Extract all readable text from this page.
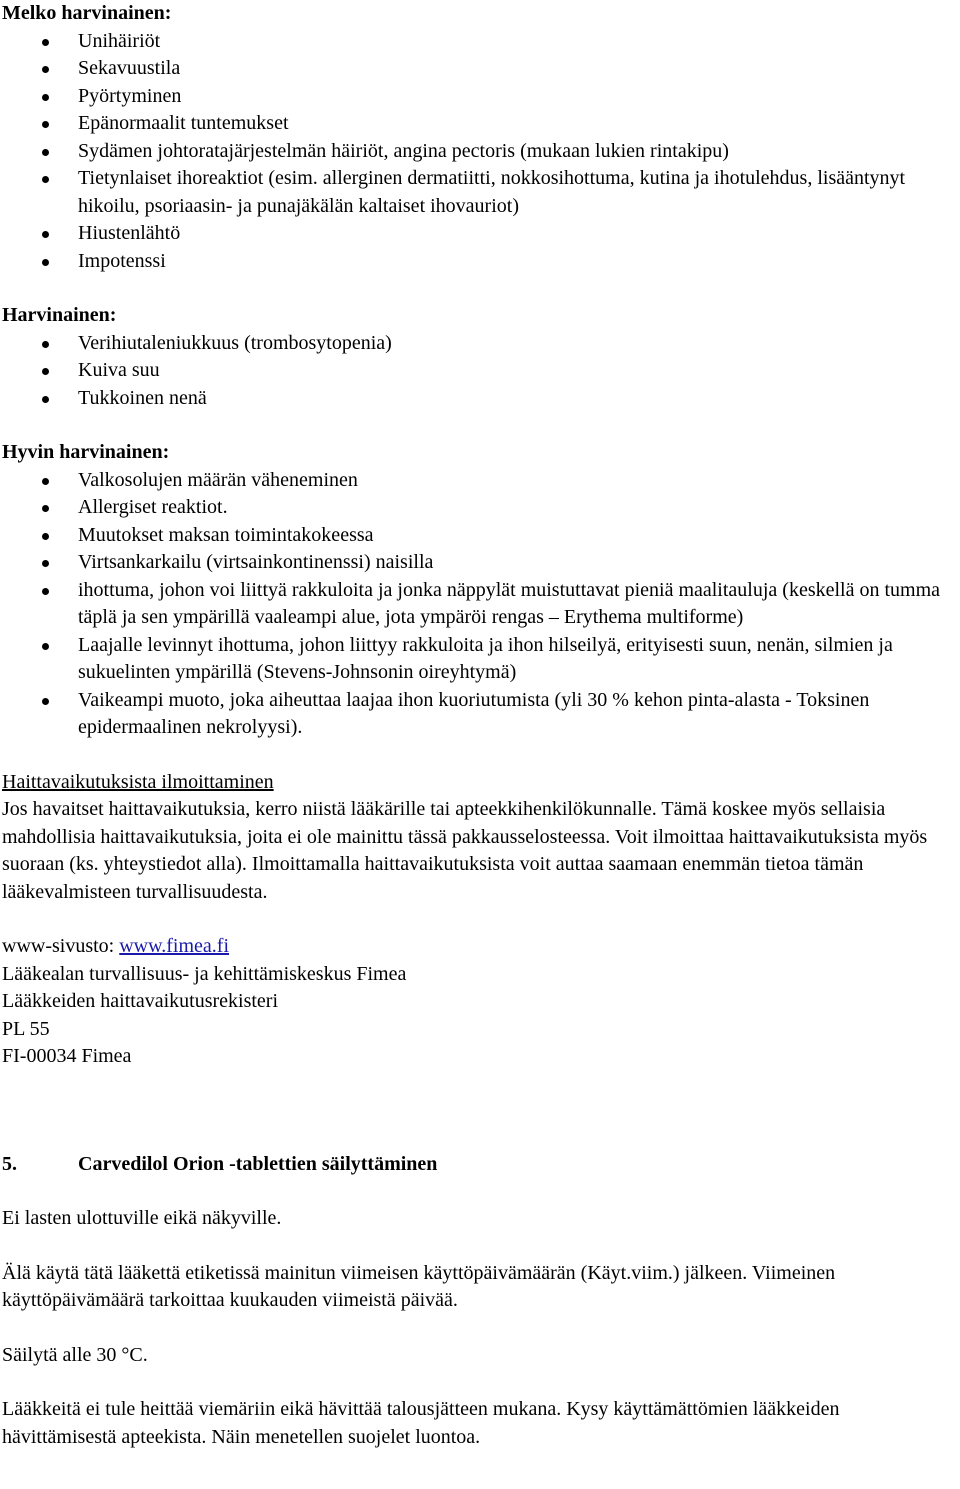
Melko harvinainen:

Unihäiriöt
Sekavuustila
Pyörtyminen
Epänormaalit tuntemukset
Sydämen johtoratajärjestelmän häiriöt, angina pectoris (mukaan lukien rintakipu)
Tietynlaiset ihoreaktiot (esim. allerginen dermatiitti, nokkosihottuma, kutina ja ihotulehdus, lisääntynyt hikoilu, psoriaasin- ja punajäkälän kaltaiset ihovauriot)
Hiustenlähtö
Impotenssi

Harvinainen:

Verihiutaleniukkuus (trombosytopenia)
Kuiva suu
Tukkoinen nenä

Hyvin harvinainen:

Valkosolujen määrän väheneminen
Allergiset reaktiot.
Muutokset maksan toimintakokeessa
Virtsankarkailu (virtsainkontinenssi) naisilla
ihottuma, johon voi liittyä rakkuloita ja jonka näppylät muistuttavat pieniä maalitauluja (keskellä on tumma täplä ja sen ympärillä vaaleampi alue, jota ympäröi rengas – Erythema multiforme)
Laajalle levinnyt ihottuma, johon liittyy rakkuloita ja ihon hilseilyä, erityisesti suun, nenän, silmien ja sukuelinten ympärillä (Stevens-Johnsonin oireyhtymä)
Vaikeampi muoto, joka aiheuttaa laajaa ihon kuoriutumista (yli 30 % kehon pinta-alasta - Toksinen epidermaalinen nekrolyysi).

Haittavaikutuksista ilmoittaminen

Jos havaitset haittavaikutuksia, kerro niistä lääkärille tai apteekkihenkilökunnalle. Tämä koskee myös sellaisia mahdollisia haittavaikutuksia, joita ei ole mainittu tässä pakkausselosteessa. Voit ilmoittaa haittavaikutuksista myös suoraan (ks. yhteystiedot alla). Ilmoittamalla haittavaikutuksista voit auttaa saamaan enemmän tietoa tämän lääkevalmisteen turvallisuudesta.

www-sivusto: www.fimea.fi

Lääkealan turvallisuus- ja kehittämiskeskus Fimea

Lääkkeiden haittavaikutusrekisteri

PL 55

FI-00034 Fimea

5.	Carvedilol Orion -tablettien säilyttäminen

Ei lasten ulottuville eikä näkyville.

Älä käytä tätä lääkettä etiketissä mainitun viimeisen käyttöpäivämäärän (Käyt.viim.) jälkeen. Viimeinen käyttöpäivämäärä tarkoittaa kuukauden viimeistä päivää.

Säilytä alle 30 °C.

Lääkkeitä ei tule heittää viemäriin eikä hävittää talousjätteen mukana. Kysy käyttämättömien lääkkeiden hävittämisestä apteekista. Näin menetellen suojelet luontoa.
